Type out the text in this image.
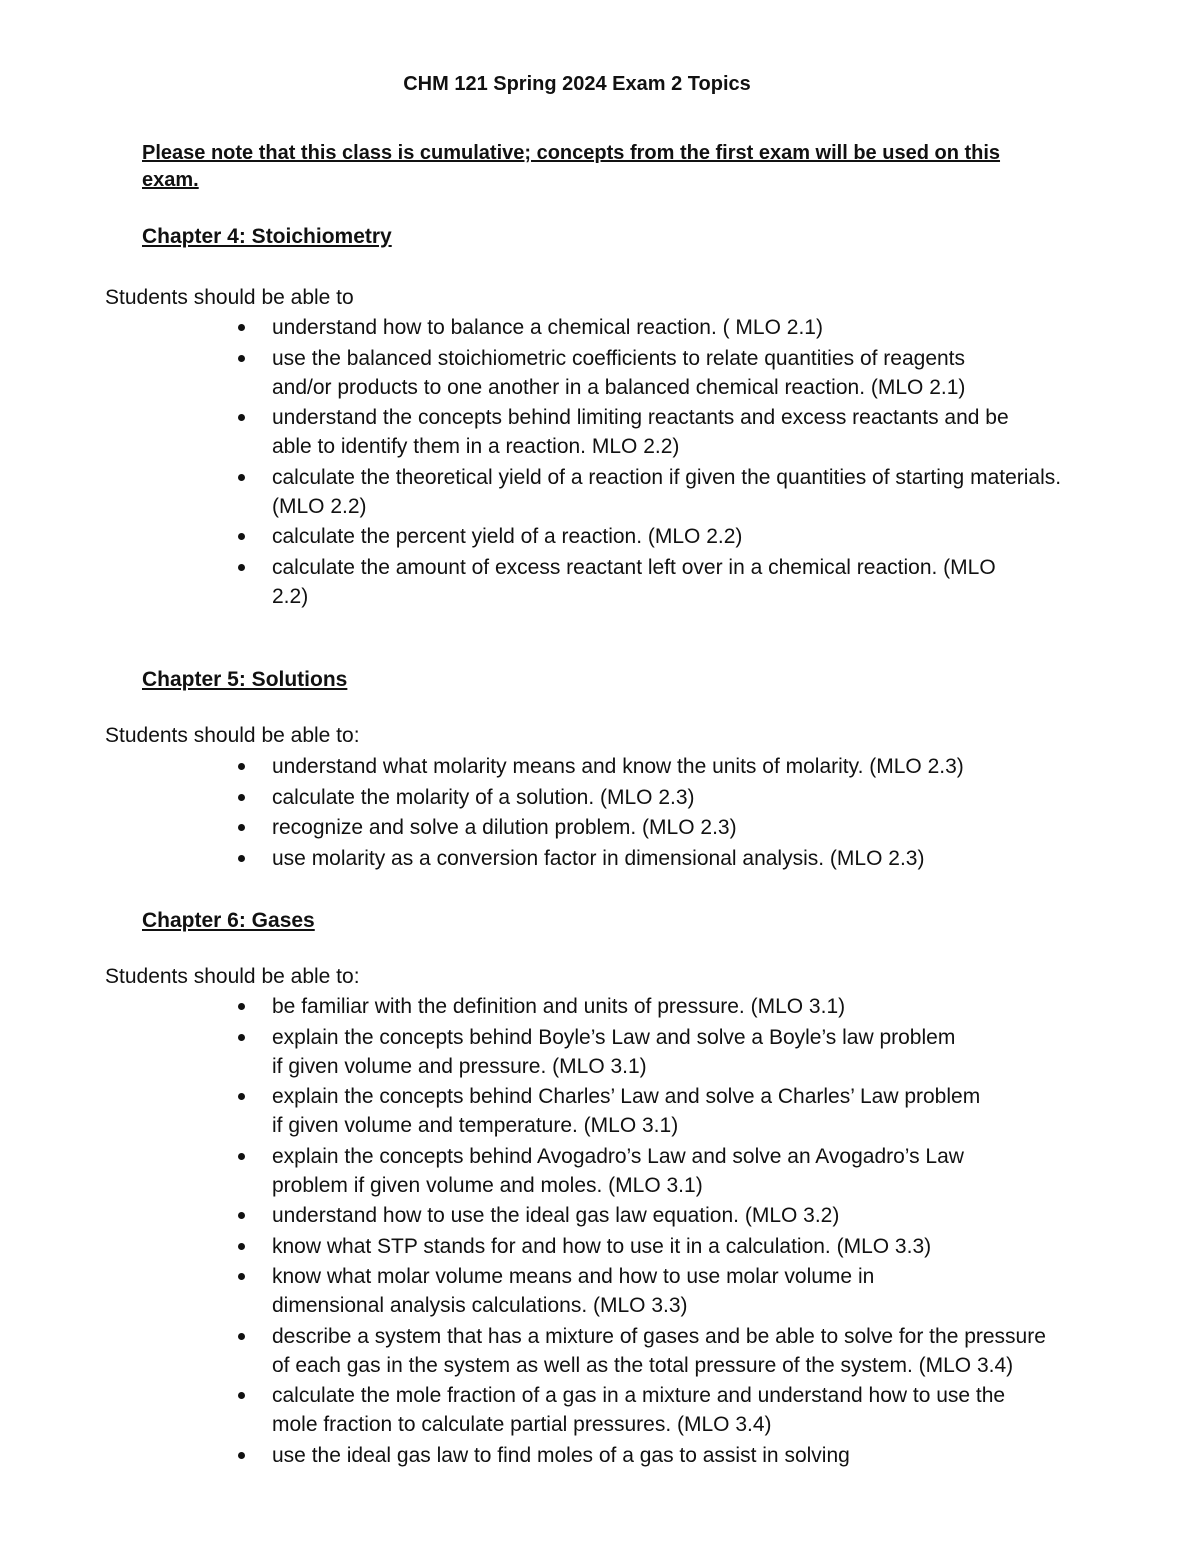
CHM 121 Spring 2024 Exam 2 Topics
Please note that this class is cumulative; concepts from the first exam will be used on this exam.
Chapter 4: Stoichiometry

Students should be able to

understand how to balance a chemical reaction. ( MLO 2.1)
use the balanced stoichiometric coefficients to relate quantities of reagents and/or products to one another in a balanced chemical reaction. (MLO 2.1)
understand the concepts behind limiting reactants and excess reactants and be able to identify them in a reaction. MLO 2.2)
calculate the theoretical yield of a reaction if given the quantities of starting materials. (MLO 2.2)
calculate the percent yield of a reaction. (MLO 2.2)
calculate the amount of excess reactant left over in a chemical reaction. (MLO 2.2)
Chapter 5: Solutions

Students should be able to:

understand what molarity means and know the units of molarity. (MLO 2.3)
calculate the molarity of a solution. (MLO 2.3)
recognize and solve a dilution problem. (MLO 2.3)
use molarity as a conversion factor in dimensional analysis. (MLO 2.3)
Chapter 6: Gases

Students should be able to:

be familiar with the definition and units of pressure. (MLO 3.1)
explain the concepts behind Boyle’s Law and solve a Boyle’s law problem if given volume and pressure. (MLO 3.1)
explain the concepts behind Charles’ Law and solve a Charles’ Law problem if given volume and temperature. (MLO 3.1)
explain the concepts behind Avogadro’s Law and solve an Avogadro’s Law problem if given volume and moles. (MLO 3.1)
understand how to use the ideal gas law equation. (MLO 3.2)
know what STP stands for and how to use it in a calculation. (MLO 3.3)
know what molar volume means and how to use molar volume in dimensional analysis calculations. (MLO 3.3)
describe a system that has a mixture of gases and be able to solve for the pressure of each gas in the system as well as the total pressure of the system. (MLO 3.4)
calculate the mole fraction of a gas in a mixture and understand how to use the mole fraction to calculate partial pressures. (MLO 3.4)
use the ideal gas law to find moles of a gas to assist in solving
